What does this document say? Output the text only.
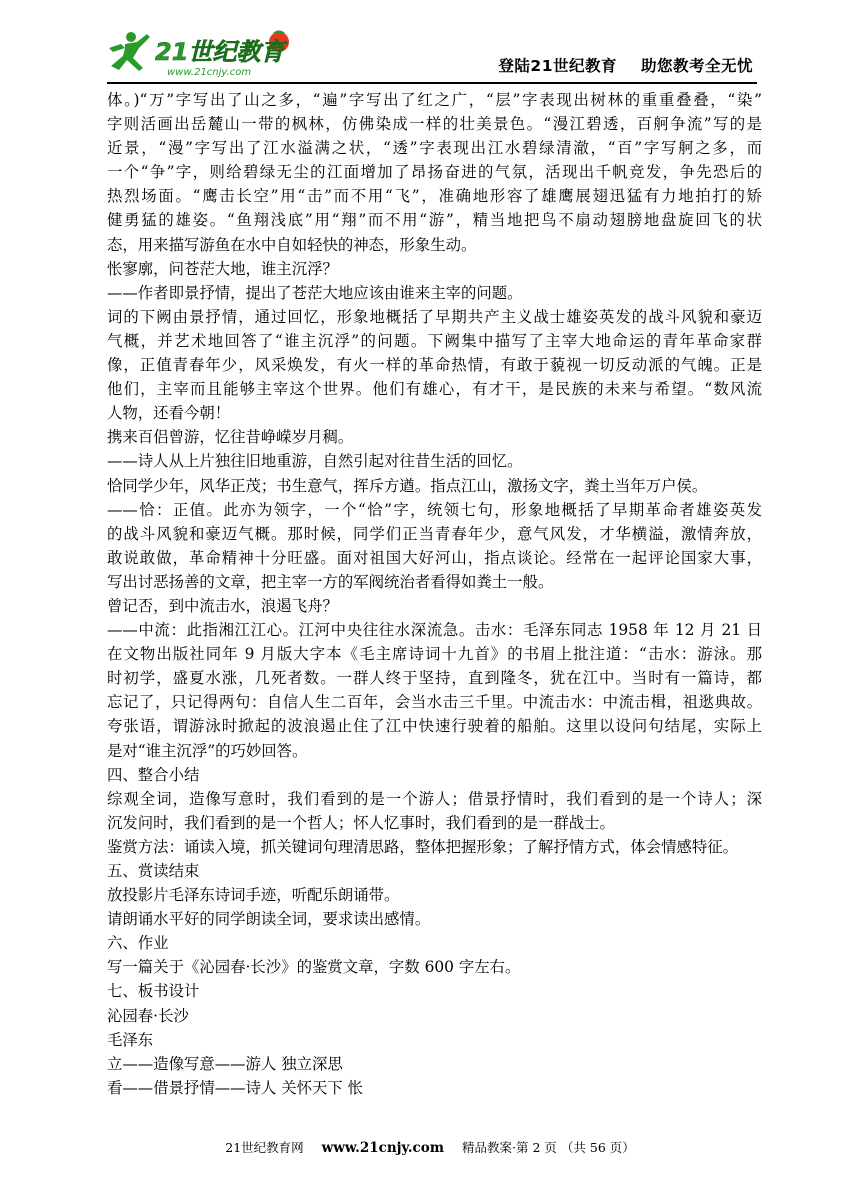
21世纪教育
www.21cnjy.com	登陆21世纪教育 助您教考全无忧
体。)“万”字写出了山之多，“遍”字写出了红之广，“层”字表现出树林的重重叠叠，“染”
字则活画出岳麓山一带的枫林，仿佛染成一样的壮美景色。“漫江碧透，百舸争流”写的是
近景，“漫”字写出了江水溢满之状，“透”字表现出江水碧绿清澈，“百”字写舸之多，而
一个“争”字，则给碧绿无尘的江面增加了昂扬奋进的气氛，活现出千帆竞发，争先恐后的
热烈场面。“鹰击长空”用“击”而不用“飞”，准确地形容了雄鹰展翅迅猛有力地拍打的矫
健勇猛的雄姿。“鱼翔浅底”用“翔”而不用“游”，精当地把鸟不扇动翅膀地盘旋回飞的状
态，用来描写游鱼在水中自如轻快的神态，形象生动。
怅寥廓，问苍茫大地，谁主沉浮？
——作者即景抒情，提出了苍茫大地应该由谁来主宰的问题。
词的下阙由景抒情，通过回忆，形象地概括了早期共产主义战士雄姿英发的战斗风貌和豪迈
气概，并艺术地回答了“谁主沉浮”的问题。下阙集中描写了主宰大地命运的青年革命家群
像，正值青春年少，风采焕发，有火一样的革命热情，有敢于藐视一切反动派的气魄。正是
他们，主宰而且能够主宰这个世界。他们有雄心，有才干，是民族的未来与希望。“数风流
人物，还看今朝！
携来百侣曾游，忆往昔峥嵘岁月稠。
——诗人从上片独往旧地重游，自然引起对往昔生活的回忆。
恰同学少年，风华正茂；书生意气，挥斥方遒。指点江山，激扬文字，粪土当年万户侯。
——恰：正值。此亦为领字，一个“恰”字，统领七句，形象地概括了早期革命者雄姿英发
的战斗风貌和豪迈气概。那时候，同学们正当青春年少，意气风发，才华横溢，激情奔放，
敢说敢做，革命精神十分旺盛。面对祖国大好河山，指点谈论。经常在一起评论国家大事，
写出讨恶扬善的文章，把主宰一方的军阀统治者看得如粪土一般。
曾记否，到中流击水，浪遏飞舟？
——中流：此指湘江江心。江河中央往往水深流急。击水：毛泽东同志 1958 年 12 月 21 日
在文物出版社同年 9 月版大字本《毛主席诗词十九首》的书眉上批注道：“击水：游泳。那
时初学，盛夏水涨，几死者数。一群人终于坚持，直到隆冬，犹在江中。当时有一篇诗，都
忘记了，只记得两句：自信人生二百年，会当水击三千里。中流击水：中流击楫，祖逖典故。
夸张语，谓游泳时掀起的波浪遏止住了江中快速行驶着的船舶。这里以设问句结尾，实际上
是对“谁主沉浮”的巧妙回答。
四、整合小结
综观全词，造像写意时，我们看到的是一个游人；借景抒情时，我们看到的是一个诗人；深
沉发问时，我们看到的是一个哲人；怀人忆事时，我们看到的是一群战士。
鉴赏方法：诵读入境，抓关键词句理清思路，整体把握形象；了解抒情方式，体会情感特征。
五、赏读结束
放投影片毛泽东诗词手迹，听配乐朗诵带。
请朗诵水平好的同学朗读全词，要求读出感情。
六、作业
写一篇关于《沁园春·长沙》的鉴赏文章，字数 600 字左右。
七、板书设计
沁园春·长沙
毛泽东
立——造像写意——游人 独立深思
看——借景抒情——诗人 关怀天下 怅
21世纪教育网 www.21cnjy.com 精品教案·第 2 页 （共 56 页）
